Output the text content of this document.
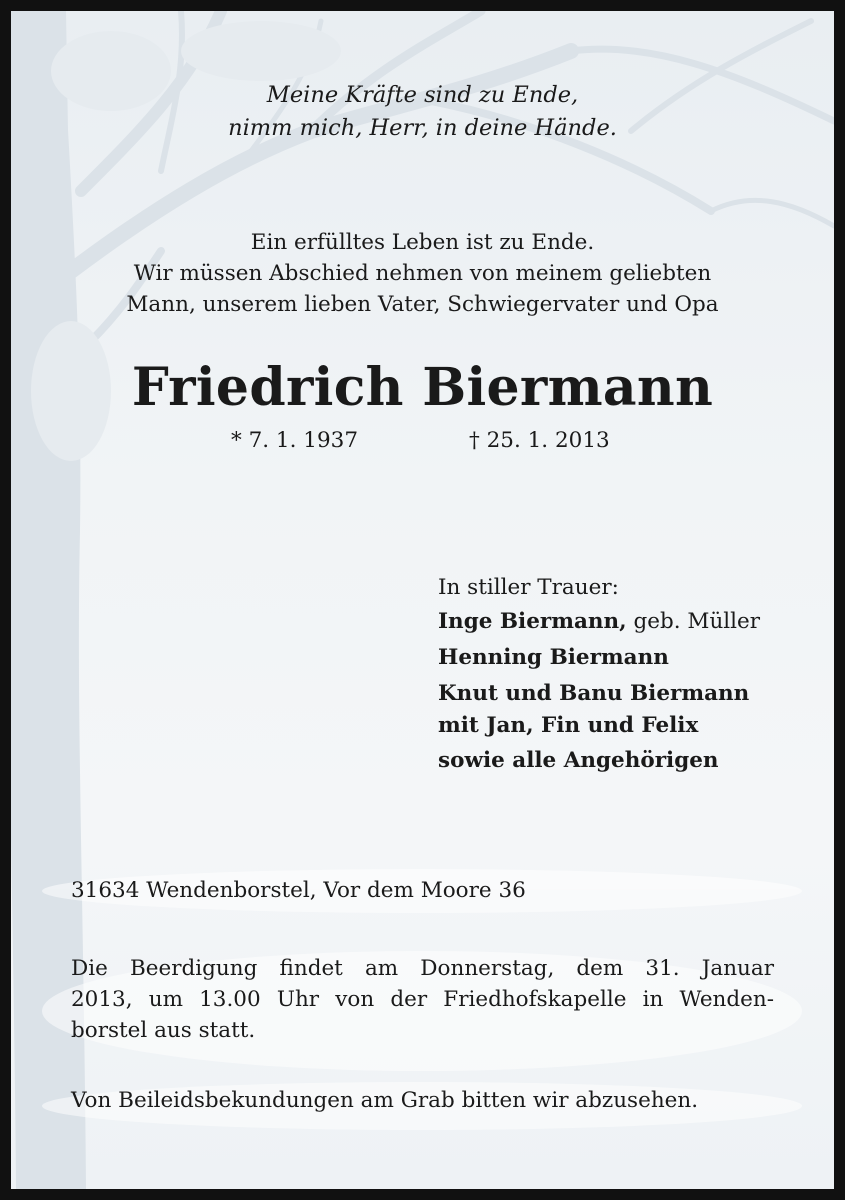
Meine Kräfte sind zu Ende,
nimm mich, Herr, in deine Hände.
Ein erfülltes Leben ist zu Ende.
Wir müssen Abschied nehmen von meinem geliebten
Mann, unserem lieben Vater, Schwiegervater und Opa
Friedrich Biermann
* 7. 1. 1937	† 25. 1. 2013
In stiller Trauer:
Inge Biermann, geb. Müller
Henning Biermann
Knut und Banu Biermann
mit Jan, Fin und Felix
sowie alle Angehörigen
31634 Wendenborstel, Vor dem Moore 36
Die Beerdigung findet am Donnerstag, dem 31. Januar
2013, um 13.00 Uhr von der Friedhofskapelle in Wenden-
borstel aus statt.
Von Beileidsbekundungen am Grab bitten wir abzusehen.
